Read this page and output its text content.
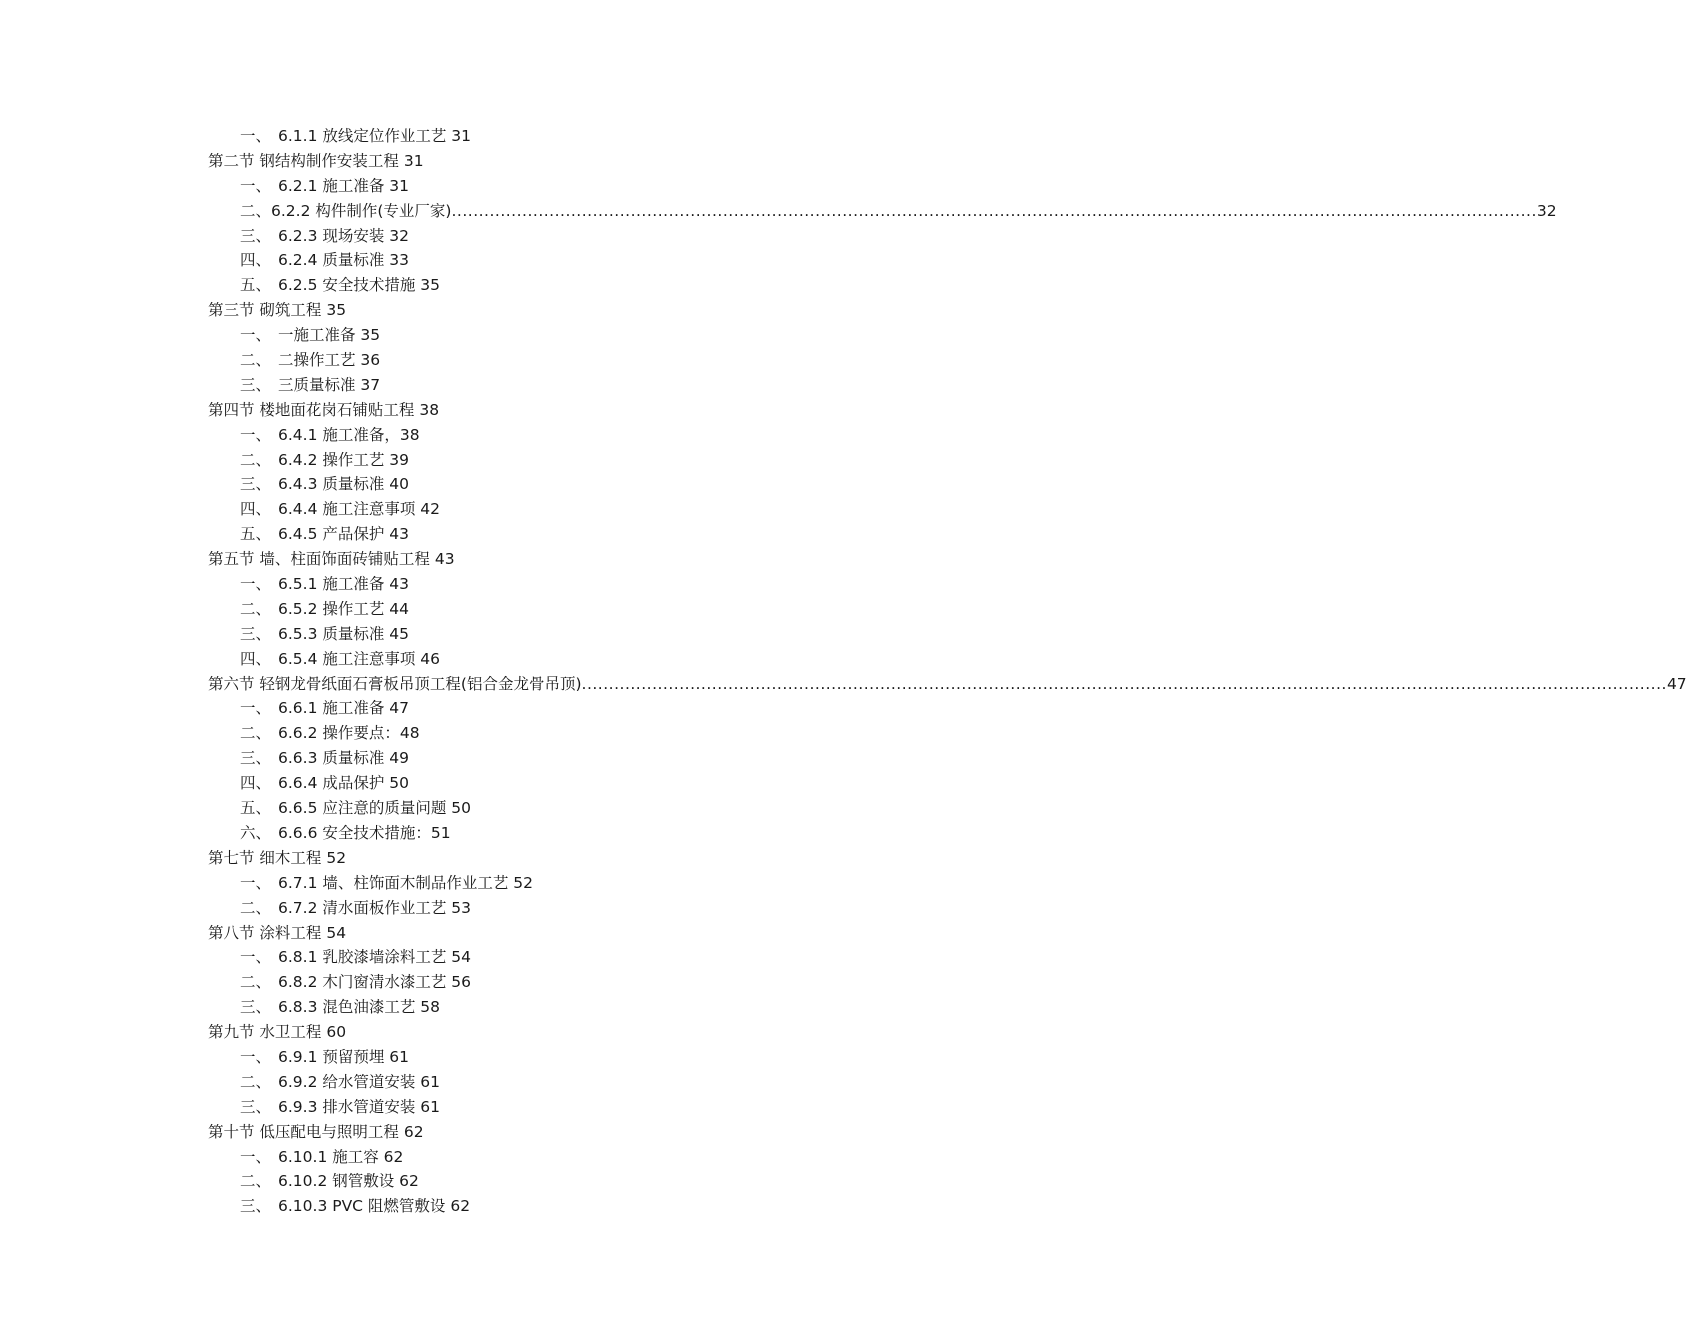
一、 6.1.1 放线定位作业工艺 31
第二节 钢结构制作安装工程 31
一、 6.2.1 施工准备 31
二、 6.2.2 构件制作(专业厂家) .....	32
三、 6.2.3 现场安装 32
四、 6.2.4 质量标准 33
五、 6.2.5 安全技术措施 35
第三节 砌筑工程 35
一、 一施工准备 35
二、 二操作工艺 36
三、 三质量标准 37
第四节 楼地面花岗石铺贴工程 38
一、 6.4.1 施工准备，38
二、 6.4.2 操作工艺 39
三、 6.4.3 质量标准 40
四、 6.4.4 施工注意事项 42
五、 6.4.5 产品保护 43
第五节 墙、柱面饰面砖铺贴工程 43
一、 6.5.1 施工准备 43
二、 6.5.2 操作工艺 44
三、 6.5.3 质量标准 45
四、 6.5.4 施工注意事项 46
第六节 轻钢龙骨纸面石膏板吊顶工程(铝合金龙骨吊顶) .....	47
一、 6.6.1 施工准备 47
二、 6.6.2 操作要点：48
三、 6.6.3 质量标准 49
四、 6.6.4 成品保护 50
五、 6.6.5 应注意的质量问题 50
六、 6.6.6 安全技术措施：51
第七节 细木工程 52
一、 6.7.1 墙、柱饰面木制品作业工艺 52
二、 6.7.2 清水面板作业工艺 53
第八节 涂料工程 54
一、 6.8.1 乳胶漆墙涂料工艺 54
二、 6.8.2 木门窗清水漆工艺 56
三、 6.8.3 混色油漆工艺 58
第九节 水卫工程 60
一、 6.9.1 预留预埋 61
二、 6.9.2 给水管道安装 61
三、 6.9.3 排水管道安装 61
第十节 低压配电与照明工程 62
一、 6.10.1 施工容 62
二、 6.10.2 钢管敷设 62
三、 6.10.3 PVC 阻燃管敷设 62
